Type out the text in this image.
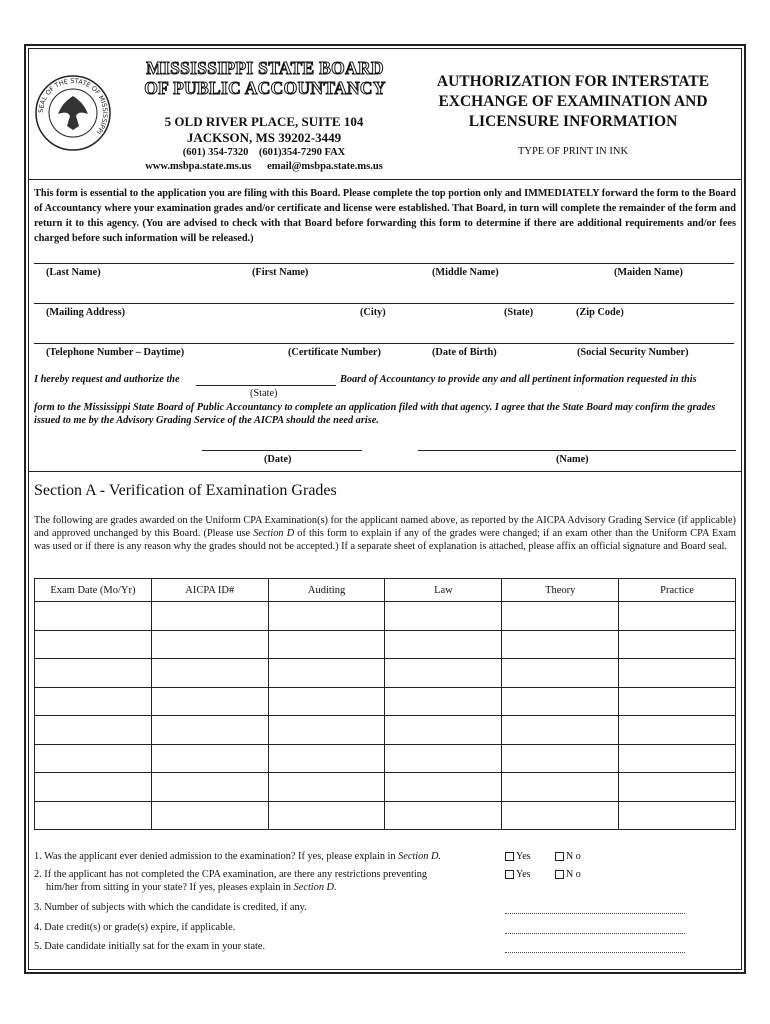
SEAL OF THE STATE OF MISSISSIPPI
MISSISSIPPI STATE BOARD
OF PUBLIC ACCOUNTANCY
5 OLD RIVER PLACE, SUITE 104
JACKSON, MS 39202-3449
(601) 354-7320    (601)354-7290 FAX
www.msbpa.state.ms.us      email@msbpa.state.ms.us
AUTHORIZATION FOR INTERSTATE
EXCHANGE OF EXAMINATION AND
LICENSURE INFORMATION
TYPE OF PRINT IN INK
This form is essential to the application you are filing with this Board. Please complete the top portion only and IMMEDIATELY forward the form to the Board of Accountancy where your examination grades and/or certificate and license were established. That Board, in turn will complete the remainder of the form and return it to this agency. (You are advised to check with that Board before forwarding this form to determine if there are additional requirements and/or fees charged before such information will be released.)
(Last Name)	(First Name)	(Middle Name)	(Maiden Name)
(Mailing Address)	(City)	(State)	(Zip Code)
(Telephone Number – Daytime)	(Certificate Number)	(Date of Birth)	(Social Security Number)
I hereby request and authorize the	Board of Accountancy to provide any and all pertinent information requested in this
(State)
form to the Mississippi State Board of Public Accountancy to complete an application filed with that agency. I agree that the State Board may confirm the grades issued to me by the Advisory Grading Service of the AICPA should the need arise.
(Date)	(Name)
Section A - Verification of Examination Grades
The following are grades awarded on the Uniform CPA Examination(s) for the applicant named above, as reported by the AICPA Advisory Grading Service (if applicable) and approved unchanged by this Board. (Please use Section D of this form to explain if any of the grades were changed; if an exam other than the Uniform CPA Exam was used or if there is any reason why the grades should not be accepted.) If a separate sheet of explanation is attached, please affix an official signature and Board seal.
Exam Date (Mo/Yr)	AICPA ID#	Auditing	Law	Theory	Practice

1. Was the applicant ever denied admission to the examination? If yes, please explain in Section D.	Yes	N o
2. If the applicant has not completed the CPA examination, are there any restrictions preventing
him/her from sitting in your state? If yes, pleases explain in Section D.
Yes	N o
3. Number of subjects with which the candidate is credited, if any.
4. Date credit(s) or grade(s) expire, if applicable.
5. Date candidate initially sat for the exam in your state.
